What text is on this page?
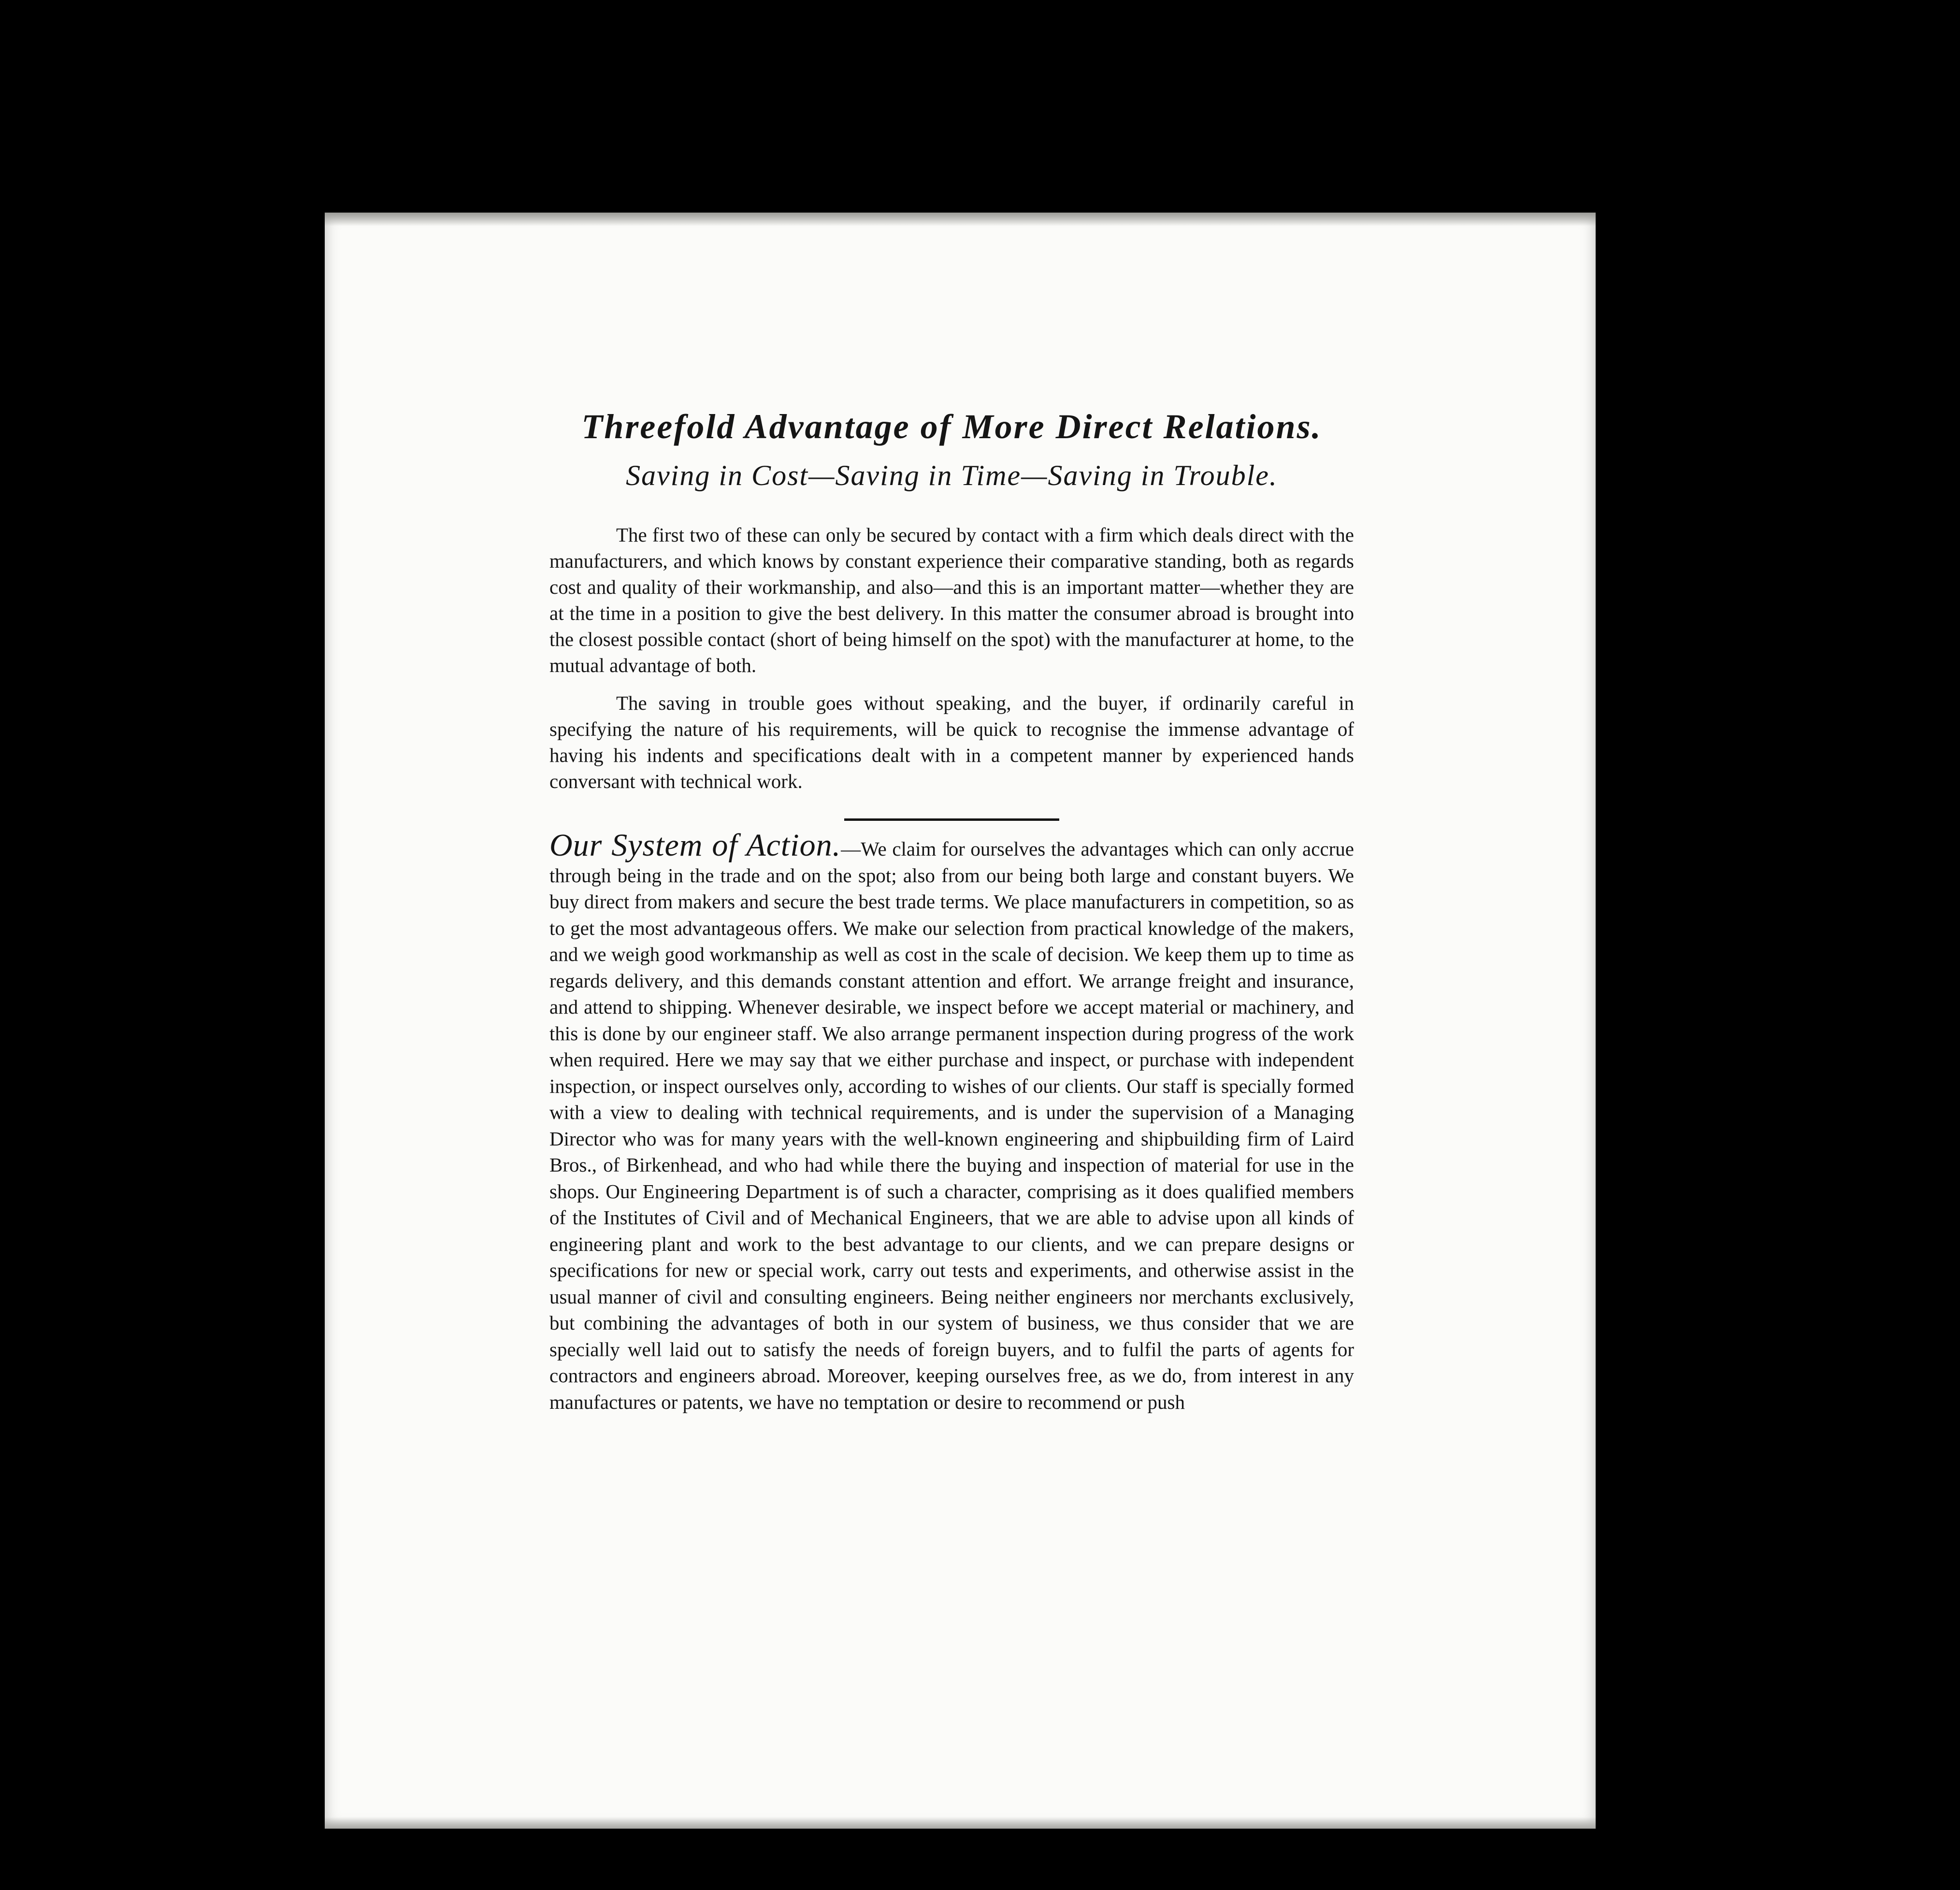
Threefold Advantage of More Direct Relations.
Saving in Cost—Saving in Time—Saving in Trouble.

The first two of these can only be secured by contact with a firm which deals direct with the manufacturers, and which knows by constant experience their comparative standing, both as regards cost and quality of their workmanship, and also—and this is an important matter—whether they are at the time in a position to give the best delivery. In this matter the consumer abroad is brought into the closest possible contact (short of being himself on the spot) with the manufacturer at home, to the mutual advantage of both.

The saving in trouble goes without speaking, and the buyer, if ordinarily careful in specifying the nature of his requirements, will be quick to recognise the immense advantage of having his indents and specifications dealt with in a competent manner by experienced hands conversant with technical work.

Our System of Action.—We claim for ourselves the advantages which can only accrue through being in the trade and on the spot; also from our being both large and constant buyers. We buy direct from makers and secure the best trade terms. We place manufacturers in competition, so as to get the most advantageous offers. We make our selection from practical knowledge of the makers, and we weigh good workmanship as well as cost in the scale of decision. We keep them up to time as regards delivery, and this demands constant attention and effort. We arrange freight and insurance, and attend to shipping. Whenever desirable, we inspect before we accept material or machinery, and this is done by our engineer staff. We also arrange permanent inspection during progress of the work when required. Here we may say that we either purchase and inspect, or purchase with independent inspection, or inspect ourselves only, according to wishes of our clients. Our staff is specially formed with a view to dealing with technical requirements, and is under the supervision of a Managing Director who was for many years with the well-known engineering and shipbuilding firm of Laird Bros., of Birkenhead, and who had while there the buying and inspection of material for use in the shops. Our Engineering Department is of such a character, comprising as it does qualified members of the Institutes of Civil and of Mechanical Engineers, that we are able to advise upon all kinds of engineering plant and work to the best advantage to our clients, and we can prepare designs or specifications for new or special work, carry out tests and experiments, and otherwise assist in the usual manner of civil and consulting engineers. Being neither engineers nor merchants exclusively, but combining the advantages of both in our system of business, we thus consider that we are specially well laid out to satisfy the needs of foreign buyers, and to fulfil the parts of agents for contractors and engineers abroad. Moreover, keeping ourselves free, as we do, from interest in any manufactures or patents, we have no temptation or desire to recommend or push
